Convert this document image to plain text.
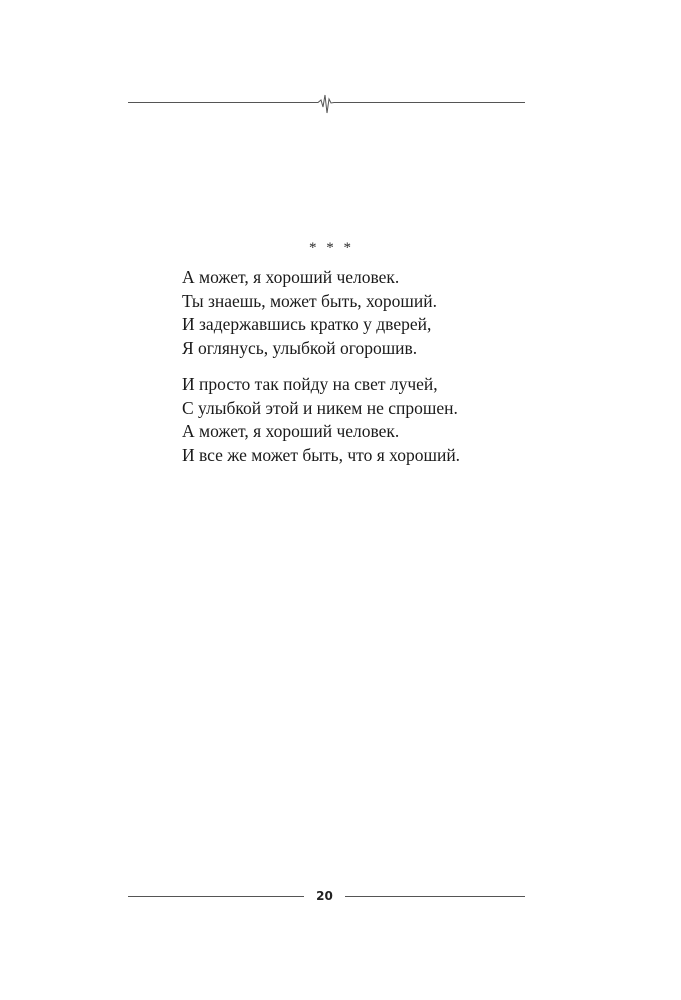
* * *

А может, я хороший человек.
Ты знаешь, может быть, хороший.
И задержавшись кратко у дверей,
Я оглянусь, улыбкой огорошив.

И просто так пойду на свет лучей,
С улыбкой этой и никем не спрошен.
А может, я хороший человек.
И все же может быть, что я хороший.

20
